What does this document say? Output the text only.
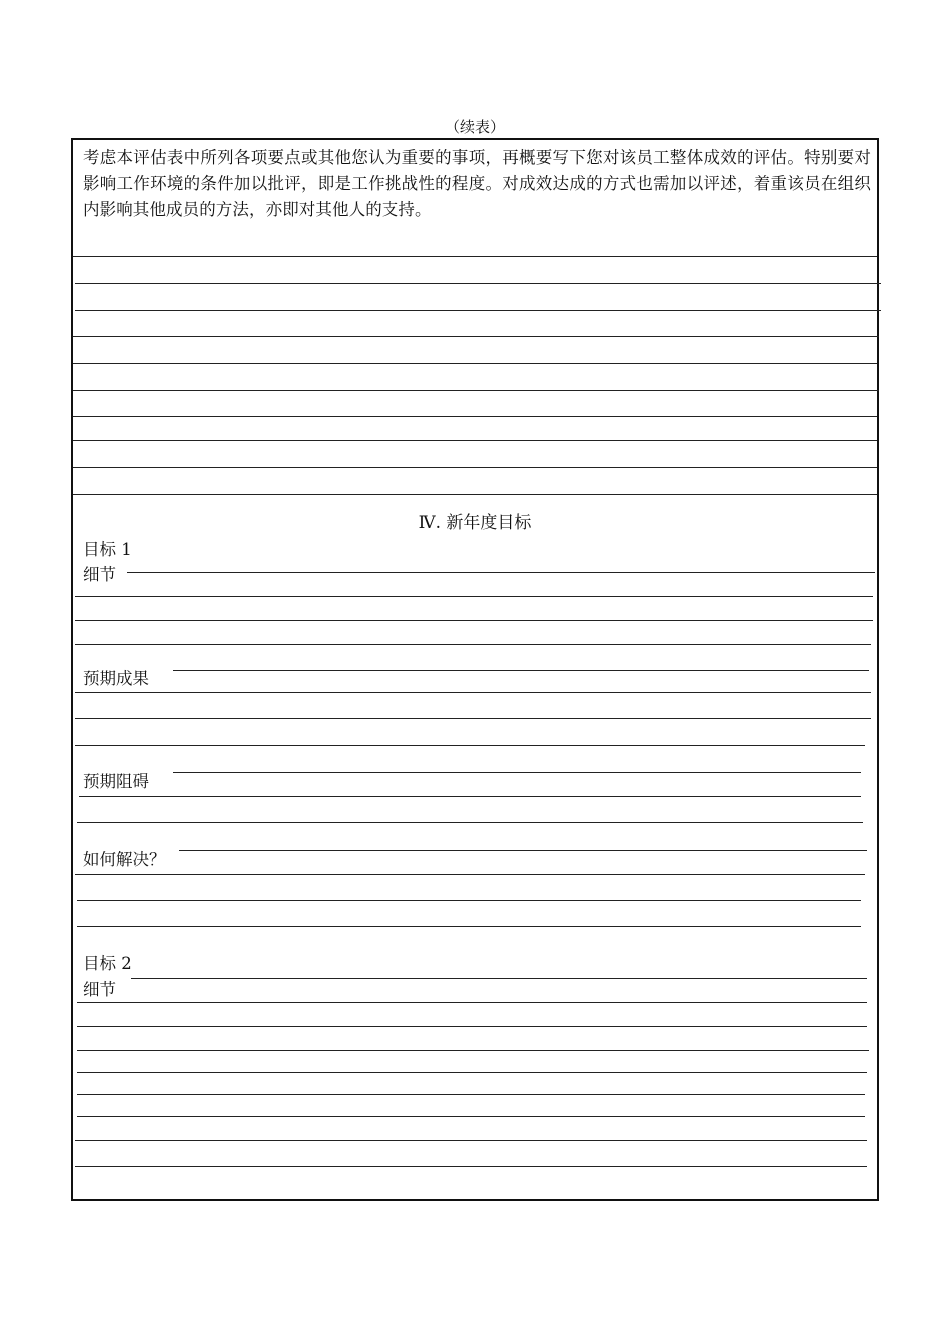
（续表）
考虑本评估表中所列各项要点或其他您认为重要的事项，再概要写下您对该员工整体成效的评估。特别要对影响工作环境的条件加以批评，即是工作挑战性的程度。对成效达成的方式也需加以评述，着重该员在组织内影响其他成员的方法，亦即对其他人的支持。
Ⅳ. 新年度目标
目标 1
细节
预期成果
预期阻碍
如何解决？
目标 2
细节
